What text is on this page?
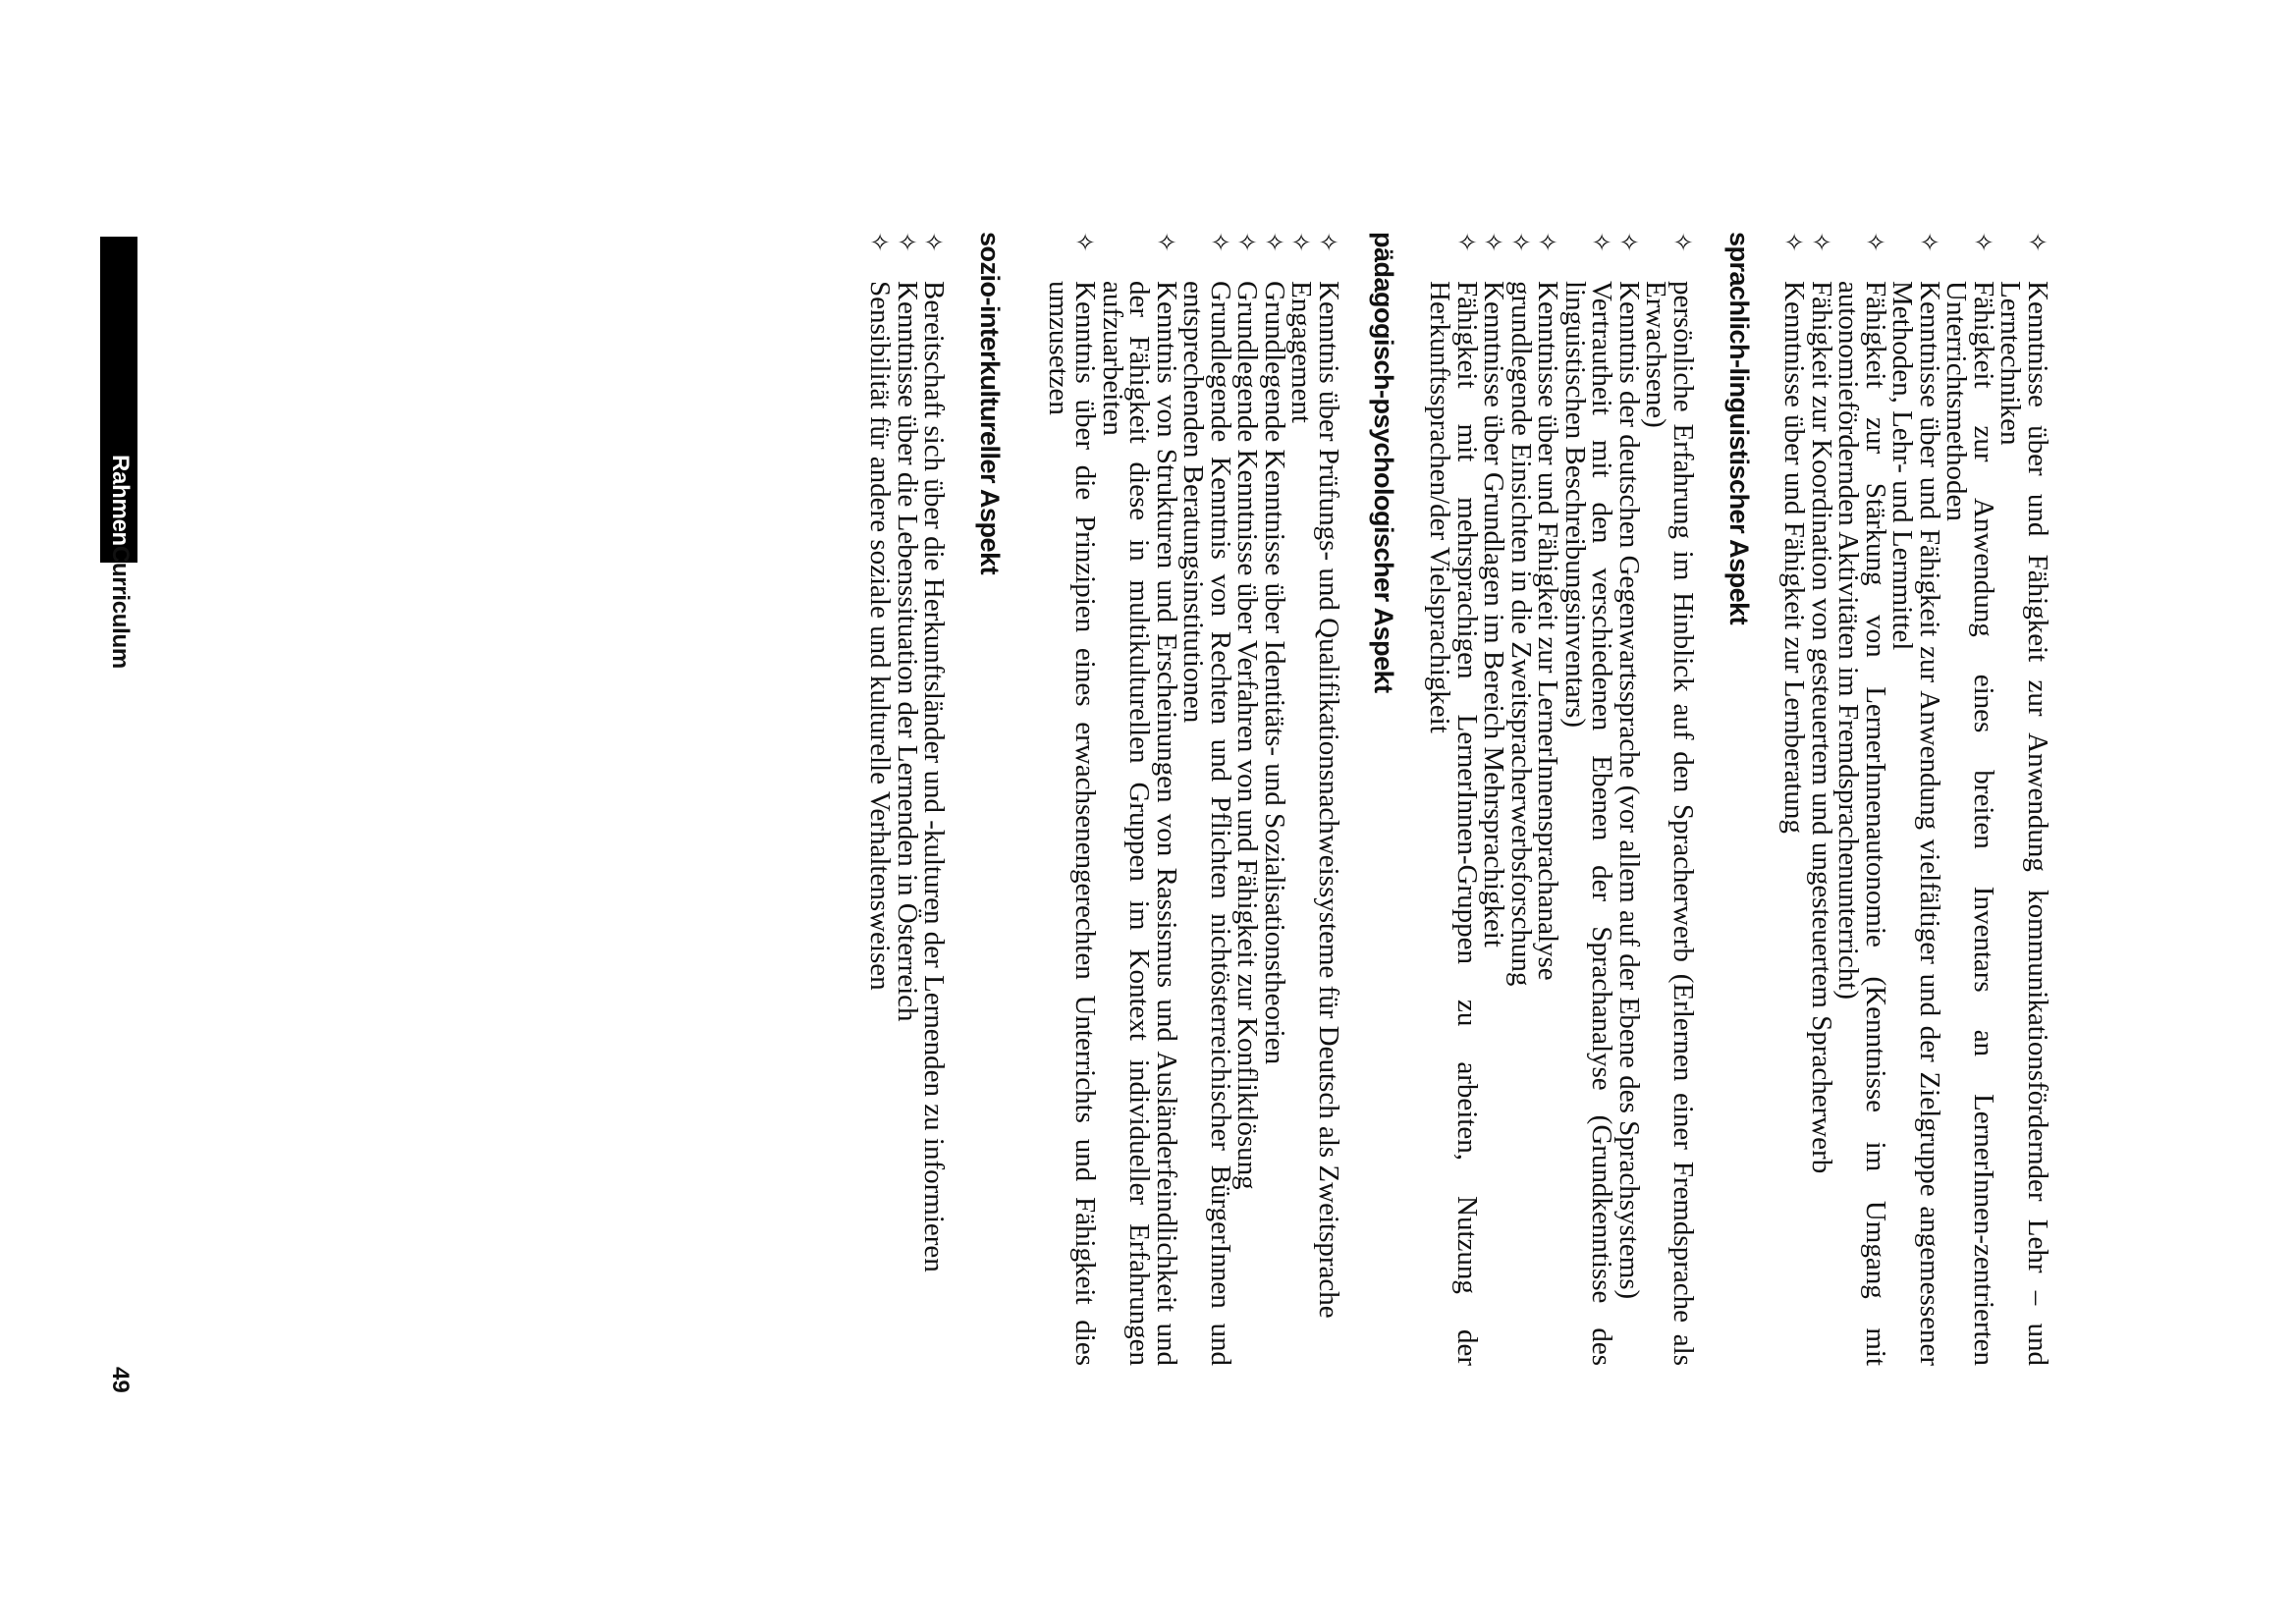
✧
Kenntnisse über und Fähigkeit zur Anwendung kommunikationsfördernder Lehr – und Lerntechniken
✧
Fähigkeit zur Anwendung eines breiten Inventars an LernerInnen-zentrierten Unterrichtsmethoden
✧
Kenntnisse über und Fähigkeit zur Anwendung vielfältiger und der Zielgruppe angemessener Methoden, Lehr- und Lernmittel
✧
Fähigkeit zur Stärkung von LernerInnenautonomie (Kenntnisse im Umgang mit autonomiefördernden Aktivitäten im Fremdsprachenunterricht)
✧
Fähigkeit zur Koordination von gesteuertem und ungesteuertem Spracherwerb
✧
Kenntnisse über und Fähigkeit zur Lernberatung
sprachlich-linguistischer Aspekt
✧
persönliche Erfahrung im Hinblick auf den Spracherwerb (Erlernen einer Fremdsprache als Erwachsene)
✧
Kenntnis der deutschen Gegenwartssprache (vor allem auf der Ebene des Sprachsystems)
✧
Vertrautheit mit den verschiedenen Ebenen der Sprachanalyse (Grundkenntisse des linguistischen Beschreibungsinventars)
✧
Kenntnisse über und Fähigkeit zur LernerInnensprachanalyse
✧
grundlegende Einsichten in die Zweitspracherwerbsforschung
✧
Kenntnisse über Grundlagen im Bereich Mehrsprachigkeit
✧
Fähigkeit mit mehrsprachigen LernerInnen-Gruppen zu arbeiten, Nutzung der Herkunftssprachen/der Vielsprachigkeit
pädagogisch-psychologischer Aspekt
✧
Kenntnis über Prüfungs- und Qualifikationsnachweissysteme für Deutsch als Zweitsprache
✧
Engagement
✧
Grundlegende Kenntnisse über Identitäts- und Sozialisationstheorien
✧
Grundlegende Kenntnisse über Verfahren von und Fähigkeit zur Konfliktlösung
✧
Grundlegende Kenntnis von Rechten und Pflichten nichtösterreichischer BürgerInnen und entsprechenden Beratungsinstitutionen
✧
Kenntnis von Strukturen und Erscheinungen von Rassismus und Ausländerfeindlichkeit und der Fähigkeit diese in multikulturellen Gruppen im Kontext individueller Erfahrungen aufzuarbeiten
✧
Kenntnis über die Prinzipien eines erwachsenengerechten Unterrichts und Fähigkeit dies umzusetzen
sozio-interkultureller Aspekt
✧
Bereitschaft sich über die Herkunftsländer und -kulturen der Lernenden zu informieren
✧
Kenntnisse über die Lebenssituation der Lernenden in Österreich
✧
Sensibilität für andere soziale und kulturelle Verhaltensweisen
RahmenCurriculum
49
